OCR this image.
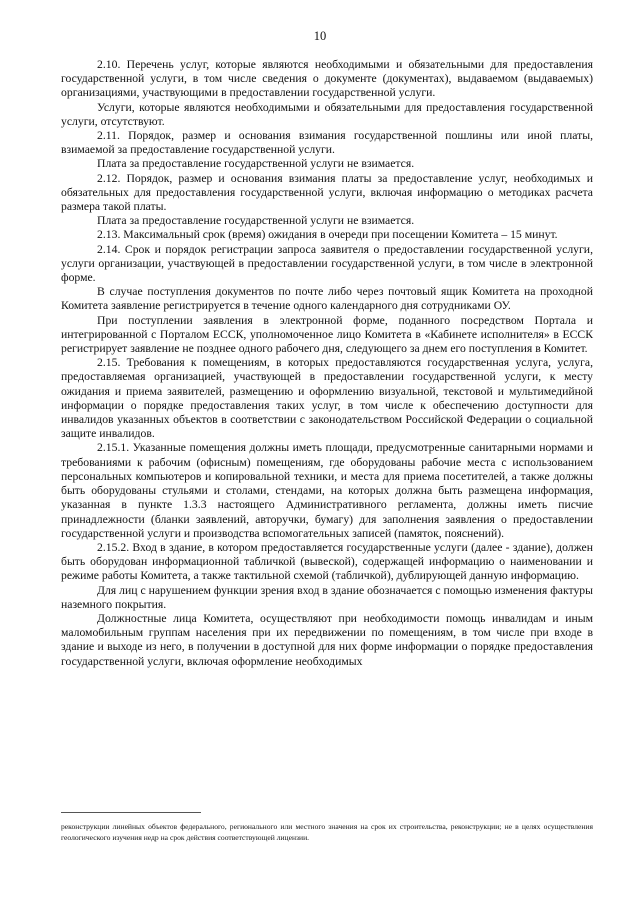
10

2.10. Перечень услуг, которые являются необходимыми и обязательными для предоставления государственной услуги, в том числе сведения о документе (документах), выдаваемом (выдаваемых) организациями, участвующими в предоставлении государственной услуги.

Услуги, которые являются необходимыми и обязательными для предоставления государственной услуги, отсутствуют.

2.11. Порядок, размер и основания взимания государственной пошлины или иной платы, взимаемой за предоставление государственной услуги.

Плата за предоставление государственной услуги не взимается.

2.12. Порядок, размер и основания взимания платы за предоставление услуг, необходимых и обязательных для предоставления государственной услуги, включая информацию о методиках расчета размера такой платы.

Плата за предоставление государственной услуги не взимается.

2.13. Максимальный срок (время) ожидания в очереди при посещении Комитета – 15 минут.

2.14. Срок и порядок регистрации запроса заявителя о предоставлении государственной услуги, услуги организации, участвующей в предоставлении государственной услуги, в том числе в электронной форме.

В случае поступления документов по почте либо через почтовый ящик Комитета на проходной Комитета заявление регистрируется в течение одного календарного дня сотрудниками ОУ.

При поступлении заявления в электронной форме, поданного посредством Портала и интегрированной с Порталом ЕССК, уполномоченное лицо Комитета в «Кабинете исполнителя» в ЕССК регистрирует заявление не позднее одного рабочего дня, следующего за днем его поступления в Комитет.

2.15. Требования к помещениям, в которых предоставляются государственная услуга, услуга, предоставляемая организацией, участвующей в предоставлении государственной услуги, к месту ожидания и приема заявителей, размещению и оформлению визуальной, текстовой и мультимедийной информации о порядке предоставления таких услуг, в том числе к обеспечению доступности для инвалидов указанных объектов в соответствии с законодательством Российской Федерации о социальной защите инвалидов.

2.15.1. Указанные помещения должны иметь площади, предусмотренные санитарными нормами и требованиями к рабочим (офисным) помещениям, где оборудованы рабочие места с использованием персональных компьютеров и копировальной техники, и места для приема посетителей, а также должны быть оборудованы стульями и столами, стендами, на которых должна быть размещена информация, указанная в пункте 1.3.3 настоящего Административного регламента, должны иметь писчие принадлежности (бланки заявлений, авторучки, бумагу) для заполнения заявления о предоставлении государственной услуги и производства вспомогательных записей (памяток, пояснений).

2.15.2. Вход в здание, в котором предоставляется государственные услуги (далее - здание), должен быть оборудован информационной табличкой (вывеской), содержащей информацию о наименовании и режиме работы Комитета, а также тактильной схемой (табличкой), дублирующей данную информацию.

Для лиц с нарушением функции зрения вход в здание обозначается с помощью изменения фактуры наземного покрытия.

Должностные лица Комитета, осуществляют при необходимости помощь инвалидам и иным маломобильным группам населения при их передвижении по помещениям, в том числе при входе в здание и выходе из него, в получении в доступной для них форме информации о порядке предоставления государственной услуги, включая оформление необходимых

реконструкции линейных объектов федерального, регионального или местного значения на срок их строительства, реконструкции; не в целях осуществления геологического изучения недр на срок действия соответствующей лицензии.
